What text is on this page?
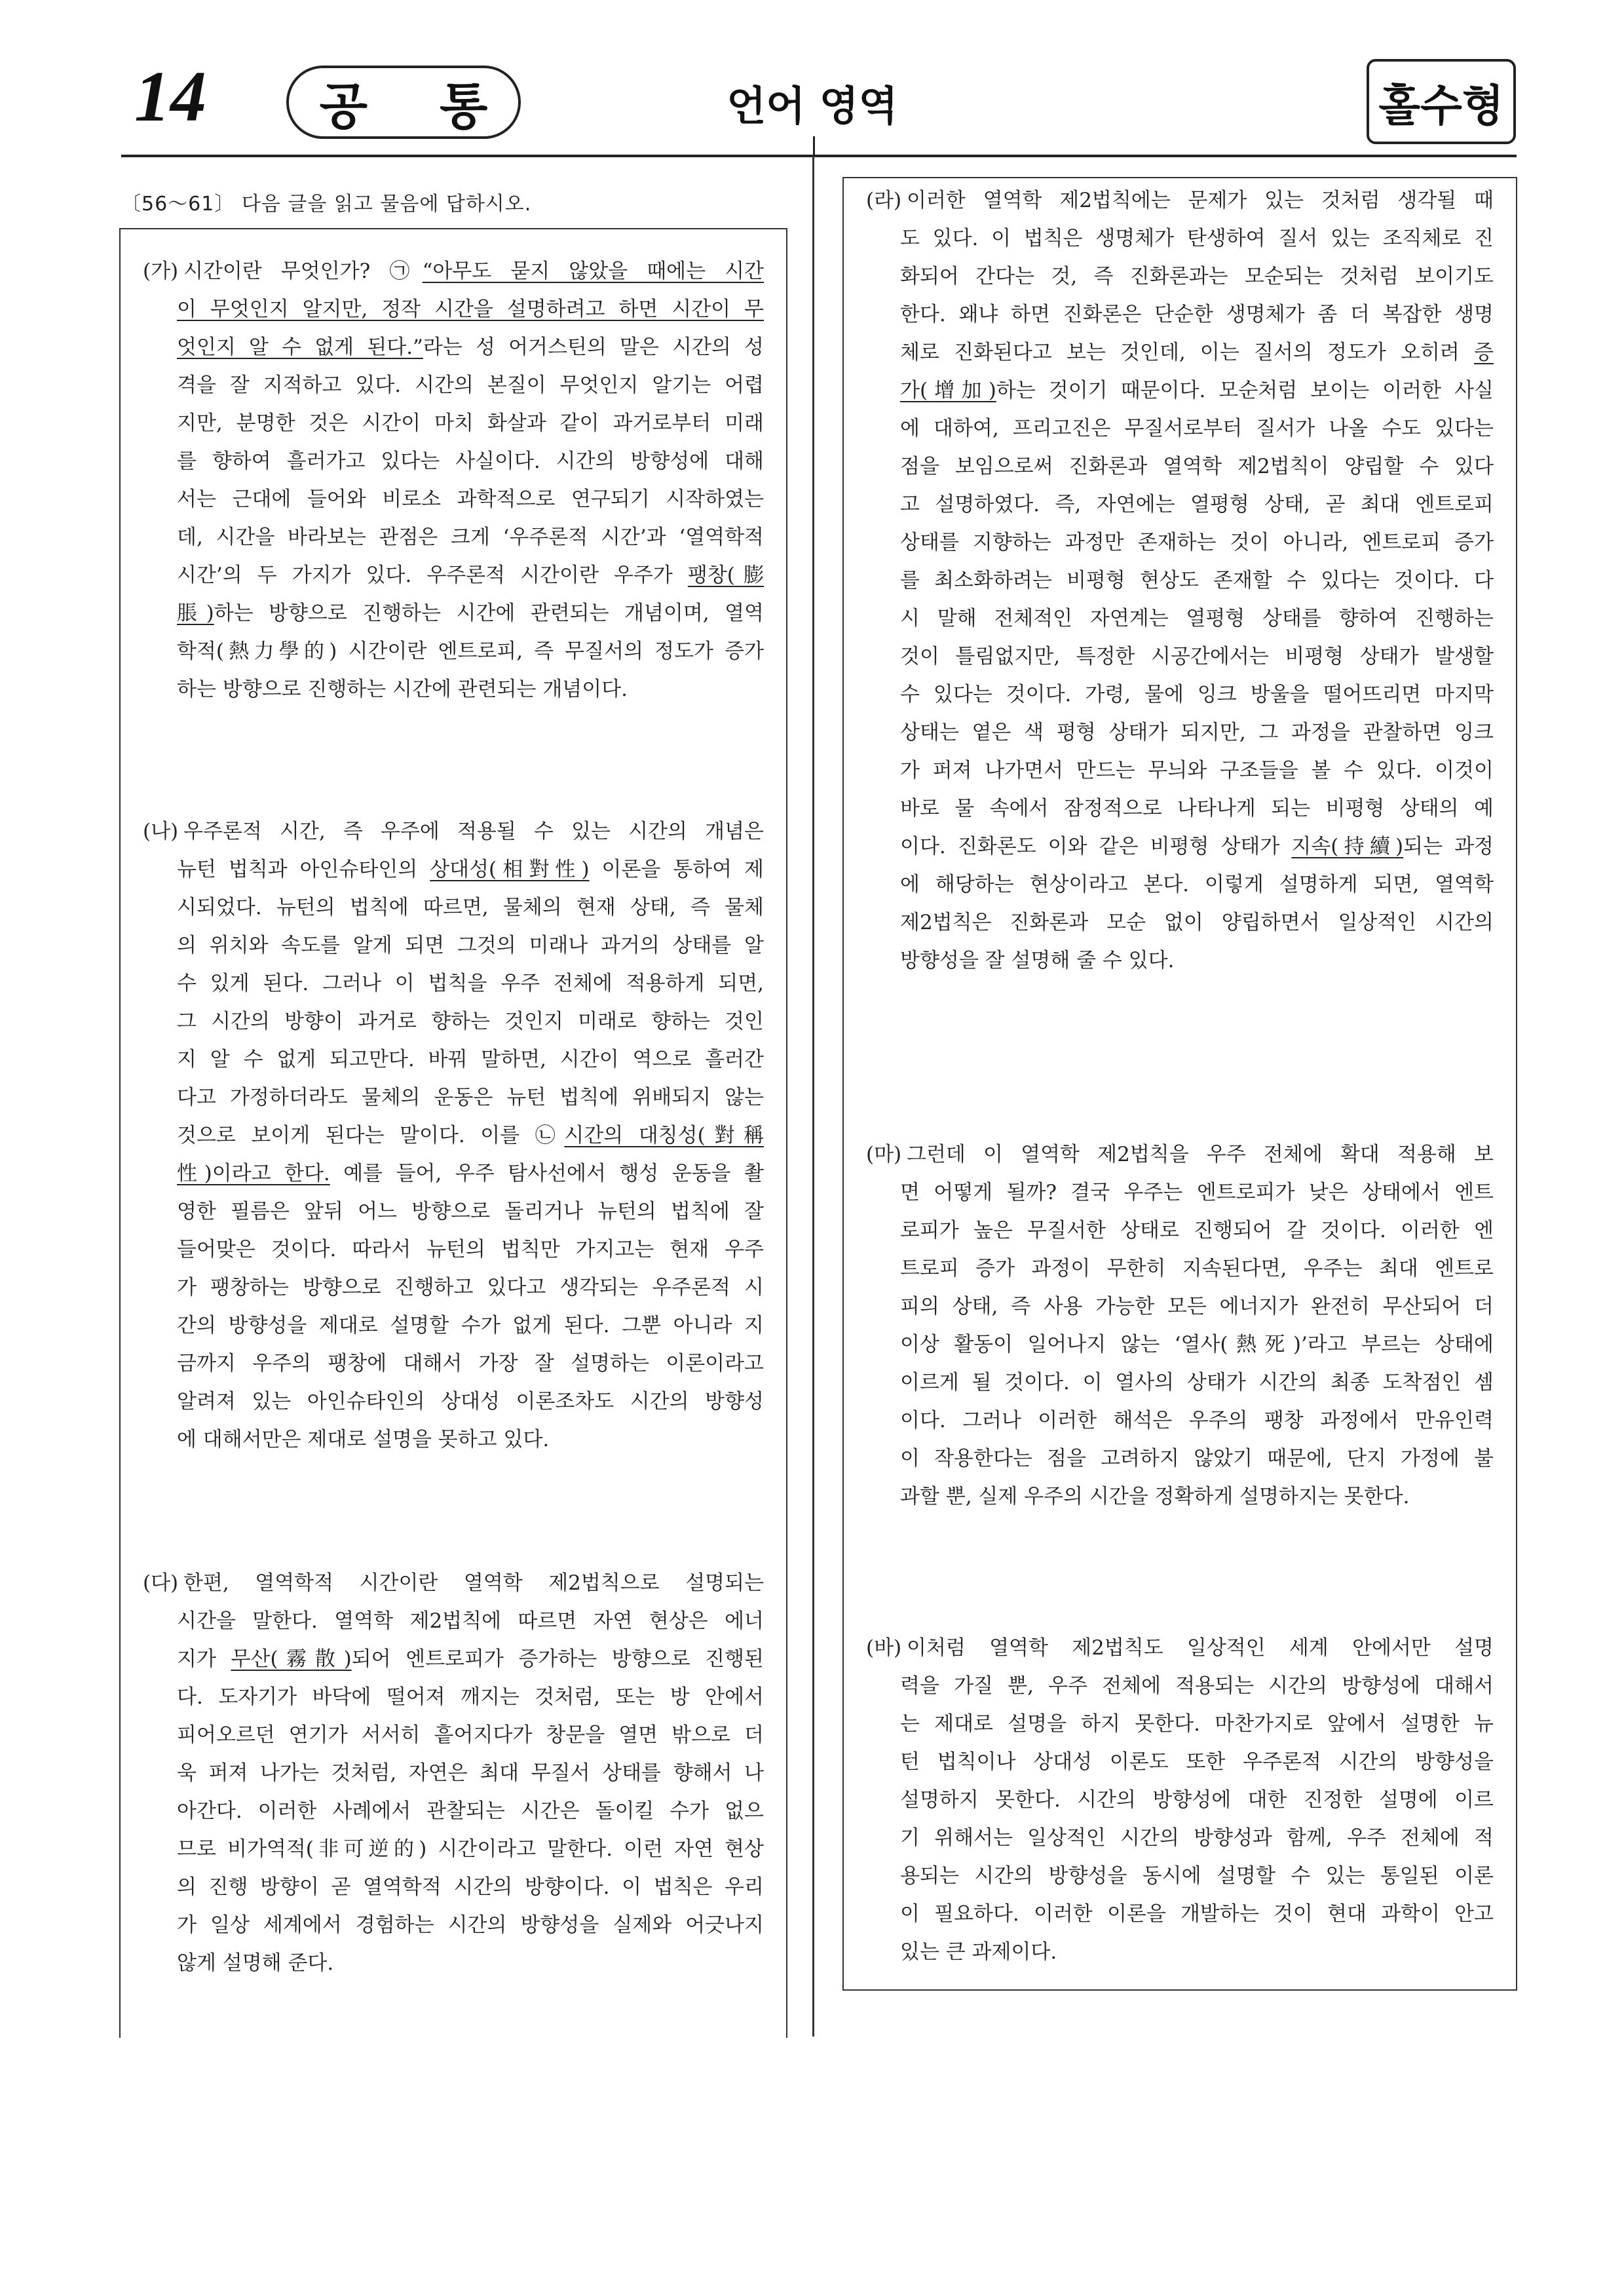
14 공통	언어 영역	홀수형
〔56～61〕 다음 글을 읽고 물음에 답하시오.
(가) 시간이란 무엇인가? ㉠“아무도 묻지 않았을 때에는 시간
이 무엇인지 알지만, 정작 시간을 설명하려고 하면 시간이 무
엇인지 알 수 없게 된다.”라는 성 어거스틴의 말은 시간의 성
격을 잘 지적하고 있다. 시간의 본질이 무엇인지 알기는 어렵
지만, 분명한 것은 시간이 마치 화살과 같이 과거로부터 미래
를 향하여 흘러가고 있다는 사실이다. 시간의 방향성에 대해
서는 근대에 들어와 비로소 과학적으로 연구되기 시작하였는
데, 시간을 바라보는 관점은 크게 ‘우주론적 시간’과 ‘열역학적
시간’의 두 가지가 있다. 우주론적 시간이란 우주가 팽창(膨
脹)하는 방향으로 진행하는 시간에 관련되는 개념이며, 열역
학적(熱力學的) 시간이란 엔트로피, 즉 무질서의 정도가 증가
하는 방향으로 진행하는 시간에 관련되는 개념이다.
(나) 우주론적 시간, 즉 우주에 적용될 수 있는 시간의 개념은
뉴턴 법칙과 아인슈타인의 상대성(相對性) 이론을 통하여 제
시되었다. 뉴턴의 법칙에 따르면, 물체의 현재 상태, 즉 물체
의 위치와 속도를 알게 되면 그것의 미래나 과거의 상태를 알
수 있게 된다. 그러나 이 법칙을 우주 전체에 적용하게 되면,
그 시간의 방향이 과거로 향하는 것인지 미래로 향하는 것인
지 알 수 없게 되고만다. 바꿔 말하면, 시간이 역으로 흘러간
다고 가정하더라도 물체의 운동은 뉴턴 법칙에 위배되지 않는
것으로 보이게 된다는 말이다. 이를 ㉡시간의 대칭성(對稱
性)이라고 한다. 예를 들어, 우주 탐사선에서 행성 운동을 촬
영한 필름은 앞뒤 어느 방향으로 돌리거나 뉴턴의 법칙에 잘
들어맞은 것이다. 따라서 뉴턴의 법칙만 가지고는 현재 우주
가 팽창하는 방향으로 진행하고 있다고 생각되는 우주론적 시
간의 방향성을 제대로 설명할 수가 없게 된다. 그뿐 아니라 지
금까지 우주의 팽창에 대해서 가장 잘 설명하는 이론이라고
알려져 있는 아인슈타인의 상대성 이론조차도 시간의 방향성
에 대해서만은 제대로 설명을 못하고 있다.
(다) 한편, 열역학적 시간이란 열역학 제2법칙으로 설명되는
시간을 말한다. 열역학 제2법칙에 따르면 자연 현상은 에너
지가 무산(霧散)되어 엔트로피가 증가하는 방향으로 진행된
다. 도자기가 바닥에 떨어져 깨지는 것처럼, 또는 방 안에서
피어오르던 연기가 서서히 흩어지다가 창문을 열면 밖으로 더
욱 퍼져 나가는 것처럼, 자연은 최대 무질서 상태를 향해서 나
아간다. 이러한 사례에서 관찰되는 시간은 돌이킬 수가 없으
므로 비가역적(非可逆的) 시간이라고 말한다. 이런 자연 현상
의 진행 방향이 곧 열역학적 시간의 방향이다. 이 법칙은 우리
가 일상 세계에서 경험하는 시간의 방향성을 실제와 어긋나지
않게 설명해 준다.
(라) 이러한 열역학 제2법칙에는 문제가 있는 것처럼 생각될 때
도 있다. 이 법칙은 생명체가 탄생하여 질서 있는 조직체로 진
화되어 간다는 것, 즉 진화론과는 모순되는 것처럼 보이기도
한다. 왜냐 하면 진화론은 단순한 생명체가 좀 더 복잡한 생명
체로 진화된다고 보는 것인데, 이는 질서의 정도가 오히려 증
가(增加)하는 것이기 때문이다. 모순처럼 보이는 이러한 사실
에 대하여, 프리고진은 무질서로부터 질서가 나올 수도 있다는
점을 보임으로써 진화론과 열역학 제2법칙이 양립할 수 있다
고 설명하였다. 즉, 자연에는 열평형 상태, 곧 최대 엔트로피
상태를 지향하는 과정만 존재하는 것이 아니라, 엔트로피 증가
를 최소화하려는 비평형 현상도 존재할 수 있다는 것이다. 다
시 말해 전체적인 자연계는 열평형 상태를 향하여 진행하는
것이 틀림없지만, 특정한 시공간에서는 비평형 상태가 발생할
수 있다는 것이다. 가령, 물에 잉크 방울을 떨어뜨리면 마지막
상태는 옅은 색 평형 상태가 되지만, 그 과정을 관찰하면 잉크
가 퍼져 나가면서 만드는 무늬와 구조들을 볼 수 있다. 이것이
바로 물 속에서 잠정적으로 나타나게 되는 비평형 상태의 예
이다. 진화론도 이와 같은 비평형 상태가 지속(持續)되는 과정
에 해당하는 현상이라고 본다. 이렇게 설명하게 되면, 열역학
제2법칙은 진화론과 모순 없이 양립하면서 일상적인 시간의
방향성을 잘 설명해 줄 수 있다.
(마) 그런데 이 열역학 제2법칙을 우주 전체에 확대 적용해 보
면 어떻게 될까? 결국 우주는 엔트로피가 낮은 상태에서 엔트
로피가 높은 무질서한 상태로 진행되어 갈 것이다. 이러한 엔
트로피 증가 과정이 무한히 지속된다면, 우주는 최대 엔트로
피의 상태, 즉 사용 가능한 모든 에너지가 완전히 무산되어 더
이상 활동이 일어나지 않는 ‘열사(熱死)’라고 부르는 상태에
이르게 될 것이다. 이 열사의 상태가 시간의 최종 도착점인 셈
이다. 그러나 이러한 해석은 우주의 팽창 과정에서 만유인력
이 작용한다는 점을 고려하지 않았기 때문에, 단지 가정에 불
과할 뿐, 실제 우주의 시간을 정확하게 설명하지는 못한다.
(바) 이처럼 열역학 제2법칙도 일상적인 세계 안에서만 설명
력을 가질 뿐, 우주 전체에 적용되는 시간의 방향성에 대해서
는 제대로 설명을 하지 못한다. 마찬가지로 앞에서 설명한 뉴
턴 법칙이나 상대성 이론도 또한 우주론적 시간의 방향성을
설명하지 못한다. 시간의 방향성에 대한 진정한 설명에 이르
기 위해서는 일상적인 시간의 방향성과 함께, 우주 전체에 적
용되는 시간의 방향성을 동시에 설명할 수 있는 통일된 이론
이 필요하다. 이러한 이론을 개발하는 것이 현대 과학이 안고
있는 큰 과제이다.
